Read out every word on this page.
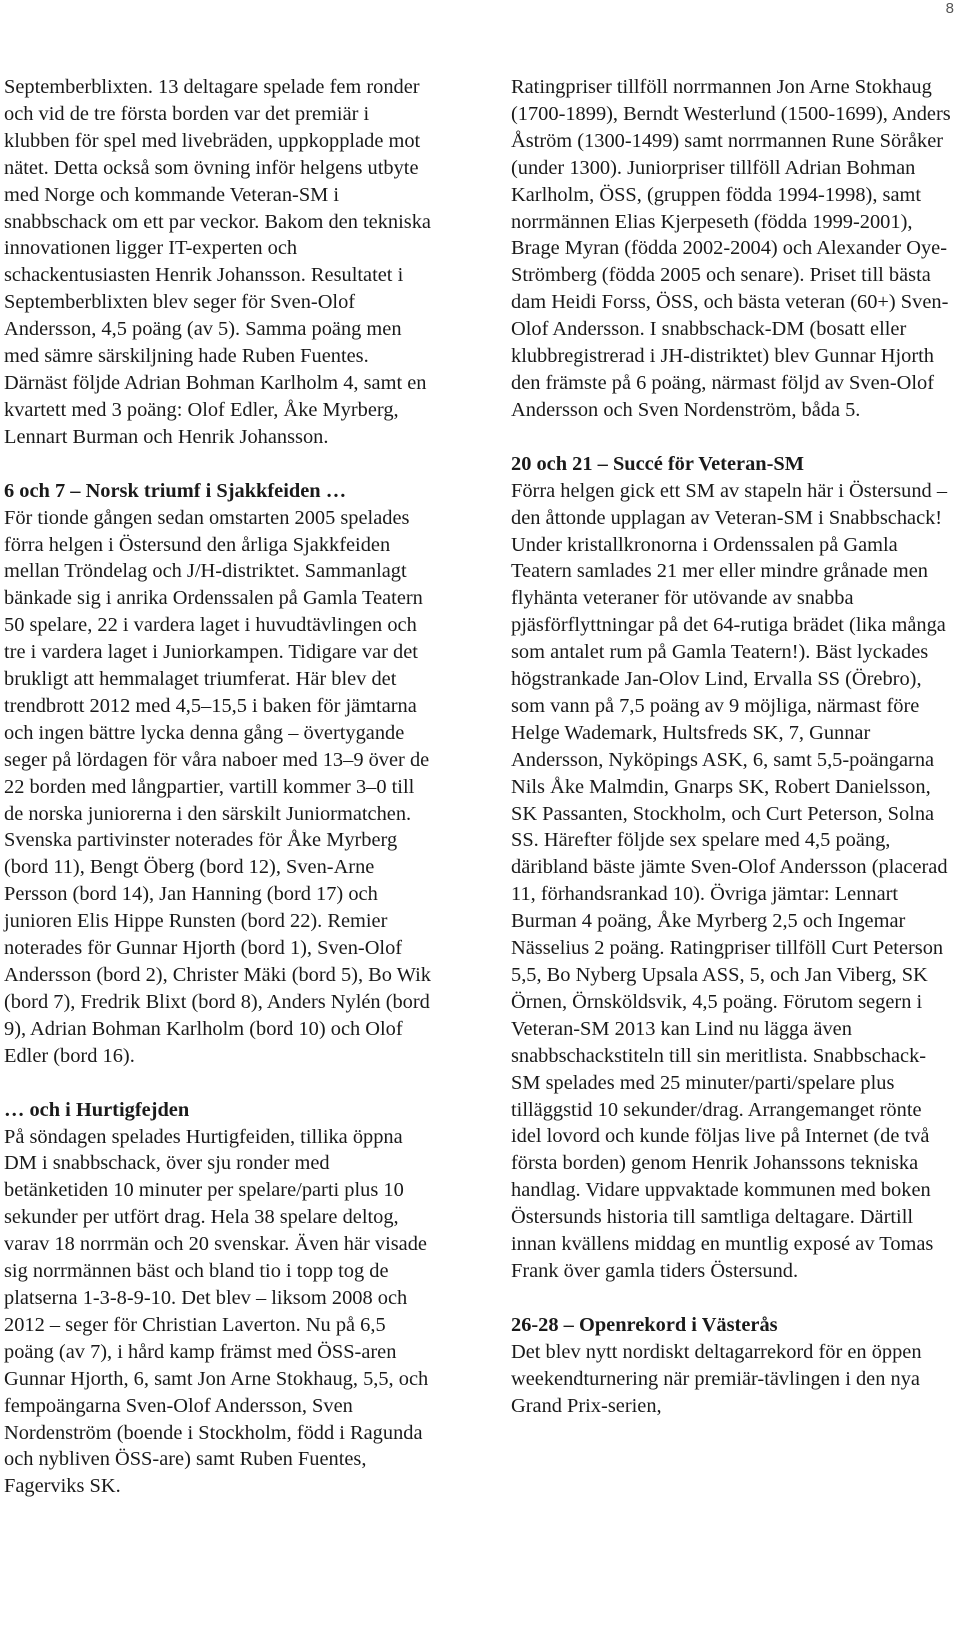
8

Septemberblixten. 13 deltagare spelade fem ronder och vid de tre första borden var det premiär i klubben för spel med livebräden, uppkopplade mot nätet. Detta också som övning inför helgens utbyte med Norge och kommande Veteran-SM i snabbschack om ett par veckor. Bakom den tekniska innovationen ligger IT-experten och schackentusiasten Henrik Johansson. Resultatet i Septemberblixten blev seger för Sven-Olof Andersson, 4,5 poäng (av 5). Samma poäng men med sämre särskiljning hade Ruben Fuentes. Därnäst följde Adrian Bohman Karlholm 4, samt en kvartett med 3 poäng: Olof Edler, Åke Myrberg, Lennart Burman och Henrik Johansson.

6 och 7 – Norsk triumf i Sjakkfeiden …

För tionde gången sedan omstarten 2005 spelades förra helgen i Östersund den årliga Sjakkfeiden mellan Tröndelag och J/H-distriktet. Sammanlagt bänkade sig i anrika Ordenssalen på Gamla Teatern 50 spelare, 22 i vardera laget i huvudtävlingen och tre i vardera laget i Juniorkampen. Tidigare var det brukligt att hemmalaget triumferat. Här blev det trendbrott 2012 med 4,5–15,5 i baken för jämtarna och ingen bättre lycka denna gång – övertygande seger på lördagen för våra naboer med 13–9 över de 22 borden med långpartier, vartill kommer 3–0 till de norska juniorerna i den särskilt Juniormatchen. Svenska partivinster noterades för Åke Myrberg (bord 11), Bengt Öberg (bord 12), Sven-Arne Persson (bord 14), Jan Hanning (bord 17) och junioren Elis Hippe Runsten (bord 22). Remier noterades för Gunnar Hjorth (bord 1), Sven-Olof Andersson (bord 2), Christer Mäki (bord 5), Bo Wik (bord 7), Fredrik Blixt (bord 8), Anders Nylén (bord 9), Adrian Bohman Karlholm (bord 10) och Olof Edler (bord 16).

… och i Hurtigfejden

På söndagen spelades Hurtigfeiden, tillika öppna DM i snabbschack, över sju ronder med betänketiden 10 minuter per spelare/parti plus 10 sekunder per utfört drag. Hela 38 spelare deltog, varav 18 norrmän och 20 svenskar. Även här visade sig norrmännen bäst och bland tio i topp tog de platserna 1-3-8-9-10. Det blev – liksom 2008 och 2012 – seger för Christian Laverton. Nu på 6,5 poäng (av 7), i hård kamp främst med ÖSS-aren Gunnar Hjorth, 6, samt Jon Arne Stokhaug, 5,5, och fempoängarna Sven-Olof Andersson, Sven Nordenström (boende i Stockholm, född i Ragunda och nybliven ÖSS-are) samt Ruben Fuentes, Fagerviks SK.

Ratingpriser tillföll norrmannen Jon Arne Stokhaug (1700-1899), Berndt Westerlund (1500-1699), Anders Åström (1300-1499) samt norrmannen Rune Söråker (under 1300). Juniorpriser tillföll Adrian Bohman Karlholm, ÖSS, (gruppen födda 1994-1998), samt norrmännen Elias Kjerpeseth (födda 1999-2001), Brage Myran (födda 2002-2004) och Alexander Oye-Strömberg (födda 2005 och senare). Priset till bästa dam Heidi Forss, ÖSS, och bästa veteran (60+) Sven-Olof Andersson. I snabbschack-DM (bosatt eller klubbregistrerad i JH-distriktet) blev Gunnar Hjorth den främste på 6 poäng, närmast följd av Sven-Olof Andersson och Sven Nordenström, båda 5.

20 och 21 – Succé för Veteran-SM

Förra helgen gick ett SM av stapeln här i Östersund – den åttonde upplagan av Veteran-SM i Snabbschack! Under kristallkronorna i Ordenssalen på Gamla Teatern samlades 21 mer eller mindre grånade men flyhänta veteraner för utövande av snabba pjäsförflyttningar på det 64-rutiga brädet (lika många som antalet rum på Gamla Teatern!). Bäst lyckades högstrankade Jan-Olov Lind, Ervalla SS (Örebro), som vann på 7,5 poäng av 9 möjliga, närmast före Helge Wademark, Hultsfreds SK, 7, Gunnar Andersson, Nyköpings ASK, 6, samt 5,5-poängarna Nils Åke Malmdin, Gnarps SK, Robert Danielsson, SK Passanten, Stockholm, och Curt Peterson, Solna SS. Härefter följde sex spelare med 4,5 poäng, däribland bäste jämte Sven-Olof Andersson (placerad 11, förhandsrankad 10). Övriga jämtar: Lennart Burman 4 poäng, Åke Myrberg 2,5 och Ingemar Nässelius 2 poäng. Ratingpriser tillföll Curt Peterson 5,5, Bo Nyberg Upsala ASS, 5, och Jan Viberg, SK Örnen, Örnsköldsvik, 4,5 poäng. Förutom segern i Veteran-SM 2013 kan Lind nu lägga även snabbschackstiteln till sin meritlista. Snabbschack-SM spelades med 25 minuter/parti/spelare plus tilläggstid 10 sekunder/drag. Arrangemanget rönte idel lovord och kunde följas live på Internet (de två första borden) genom Henrik Johanssons tekniska handlag. Vidare uppvaktade kommunen med boken Östersunds historia till samtliga deltagare. Därtill innan kvällens middag en muntlig exposé av Tomas Frank över gamla tiders Östersund.

26-28 – Openrekord i Västerås

Det blev nytt nordiskt deltagarrekord för en öppen weekendturnering när premiär-tävlingen i den nya Grand Prix-serien,
